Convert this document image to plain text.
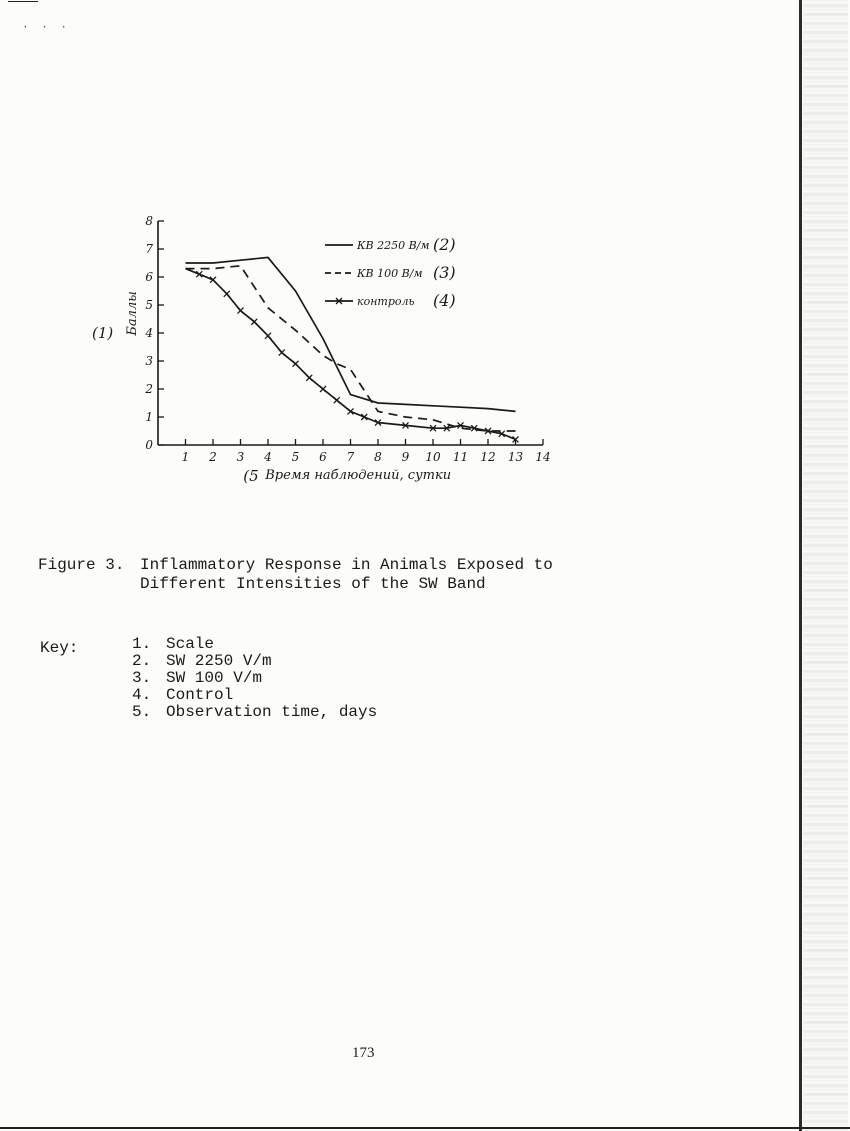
· · ·
0
1
2
3
4
5
6
7
8
1 2 3 4 5 6 7 8 9 10 11 12 13 14
(1) Баллы
(5 Время наблюдений, сутки
КВ 2250 В/м (2)
КВ 100 В/м (3)
контроль (4)
Figure 3. Inflammatory Response in Animals Exposed to
Different Intensities of the SW Band
Key:	1. Scale
2. SW 2250 V/m
3. SW 100 V/m
4. Control
5. Observation time, days
173
